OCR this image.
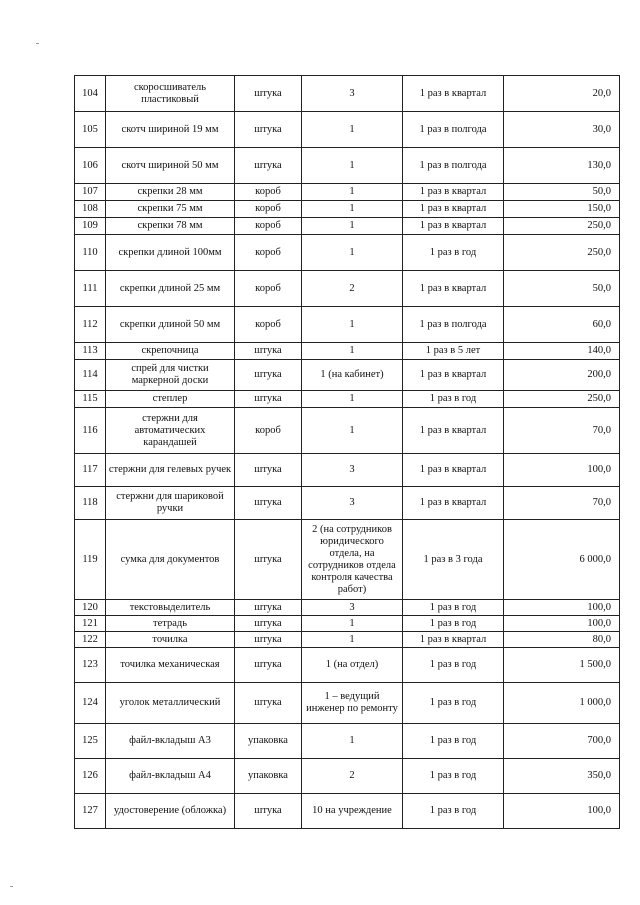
104	скоросшиватель пластиковый	штука	3	1 раз в квартал	20,0
105	скотч шириной 19 мм	штука	1	1 раз в полгода	30,0
106	скотч шириной 50 мм	штука	1	1 раз в полгода	130,0
107	скрепки 28 мм	короб	1	1 раз в квартал	50,0
108	скрепки 75 мм	короб	1	1 раз в квартал	150,0
109	скрепки 78 мм	короб	1	1 раз в квартал	250,0
110	скрепки длиной 100мм	короб	1	1 раз в год	250,0
111	скрепки длиной 25 мм	короб	2	1 раз в квартал	50,0
112	скрепки длиной 50 мм	короб	1	1 раз в полгода	60,0
113	скрепочница	штука	1	1 раз в 5 лет	140,0
114	спрей для чистки маркерной доски	штука	1 (на кабинет)	1 раз в квартал	200,0
115	степлер	штука	1	1 раз в год	250,0
116	стержни для автоматических карандашей	короб	1	1 раз в квартал	70,0
117	стержни для гелевых ручек	штука	3	1 раз в квартал	100,0
118	стержни для шариковой ручки	штука	3	1 раз в квартал	70,0
119	сумка для документов	штука	2 (на сотрудников юридического отдела, на сотрудников отдела контроля качества работ)	1 раз в 3 года	6 000,0
120	текстовыделитель	штука	3	1 раз в год	100,0
121	тетрадь	штука	1	1 раз в год	100,0
122	точилка	штука	1	1 раз в квартал	80,0
123	точилка механическая	штука	1 (на отдел)	1 раз в год	1 500,0
124	уголок металлический	штука	1 – ведущий инженер по ремонту	1 раз в год	1 000,0
125	файл-вкладыш А3	упаковка	1	1 раз в год	700,0
126	файл-вкладыш А4	упаковка	2	1 раз в год	350,0
127	удостоверение (обложка)	штука	10 на учреждение	1 раз в год	100,0
